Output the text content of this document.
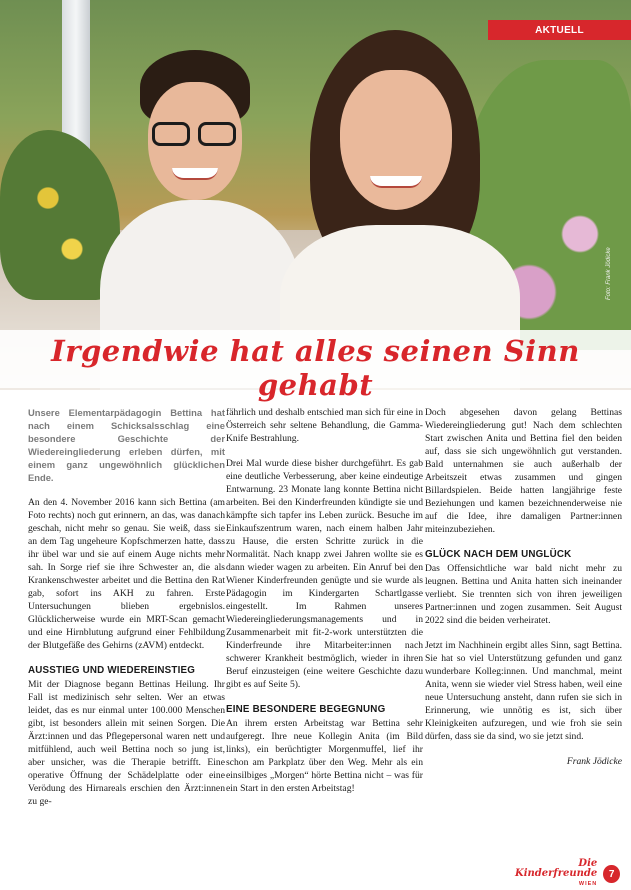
Foto: Frank Jödicke
AKTUELL
Irgendwie hat alles seinen Sinn gehabt

Unsere Elementarpädagogin Bettina hat nach einem Schicksalsschlag eine besondere Geschichte der Wiedereingliederung erleben dürfen, mit einem ganz ungewöhnlich glücklichen Ende.

An den 4. November 2016 kann sich Bettina (am Foto rechts) noch gut erinnern, an das, was danach geschah, nicht mehr so genau. Sie weiß, dass sie an dem Tag ungeheure Kopfschmerzen hatte, dass ihr übel war und sie auf einem Auge nichts mehr sah. In Sorge rief sie ihre Schwester an, die als Krankenschwester arbeitet und die Bettina den Rat gab, sofort ins AKH zu fahren. Erste Untersuchungen blieben ergebnislos. Glücklicherweise wurde ein MRT-Scan gemacht und eine Hirnblutung aufgrund einer Fehlbildung der Blutgefäße des Gehirns (zAVM) entdeckt.

AUSSTIEG UND WIEDEREINSTIEG

Mit der Diagnose begann Bettinas Heilung. Ihr Fall ist medizinisch sehr selten. Wer an etwas leidet, das es nur einmal unter 100.000 Menschen gibt, ist besonders allein mit seinen Sorgen. Die Ärzt:innen und das Pflegepersonal waren nett und mitfühlend, auch weil Bettina noch so jung ist, aber unsicher, was die Therapie betrifft. Eine operative Öffnung der Schädelplatte oder eine Verödung des Hirnareals erschien den Ärzt:innen zu ge-

fährlich und deshalb entschied man sich für eine in Österreich sehr seltene Behandlung, die Gamma-Knife Bestrahlung.

Drei Mal wurde diese bisher durchgeführt. Es gab eine deutliche Verbesserung, aber keine eindeutige Entwarnung. 23 Monate lang konnte Bettina nicht arbeiten. Bei den Kinderfreunden kündigte sie und kämpfte sich tapfer ins Leben zurück. Besuche im Einkaufszentrum waren, nach einem halben Jahr zu Hause, die ersten Schritte zurück in die Normalität. Nach knapp zwei Jahren wollte sie es dann wieder wagen zu arbeiten. Ein Anruf bei den Wiener Kinderfreunden genügte und sie wurde als Pädagogin im Kindergarten Schartlgasse eingestellt. Im Rahmen unseres Wiedereingliederungsmanagements und in Zusammenarbeit mit fit-2-work unterstützten die Kinderfreunde ihre Mitarbeiter:innen nach schwerer Krankheit bestmöglich, wieder in ihren Beruf einzusteigen (eine weitere Geschichte dazu gibt es auf Seite 5).

EINE BESONDERE BEGEGNUNG

An ihrem ersten Arbeitstag war Bettina sehr aufgeregt. Ihre neue Kollegin Anita (im Bild links), ein berüchtigter Morgenmuffel, lief ihr schon am Parkplatz über den Weg. Mehr als ein einsilbiges „Morgen“ hörte Bettina nicht – was für ein Start in den ersten Arbeitstag!

Doch abgesehen davon gelang Bettinas Wiedereingliederung gut! Nach dem schlechten Start zwischen Anita und Bettina fiel den beiden auf, dass sie sich ungewöhnlich gut verstanden. Bald unternahmen sie auch außerhalb der Arbeitszeit etwas zusammen und gingen Billardspielen. Beide hatten langjährige feste Beziehungen und kamen bezeichnenderweise nie auf die Idee, ihre damaligen Partner:innen miteinzubeziehen.

GLÜCK NACH DEM UNGLÜCK

Das Offensichtliche war bald nicht mehr zu leugnen. Bettina und Anita hatten sich ineinander verliebt. Sie trennten sich von ihren jeweiligen Partner:innen und zogen zusammen. Seit August 2022 sind die beiden verheiratet.

Jetzt im Nachhinein ergibt alles Sinn, sagt Bettina. Sie hat so viel Unterstützung gefunden und ganz wunderbare Kolleg:innen. Und manchmal, meint Anita, wenn sie wieder viel Stress haben, weil eine neue Untersuchung ansteht, dann rufen sie sich in Erinnerung, wie unnötig es ist, sich über Kleinigkeiten aufzuregen, und wie froh sie sein dürfen, dass sie da sind, wo sie jetzt sind.

Frank Jödicke
Die Kinderfreunde
WIEN
7
